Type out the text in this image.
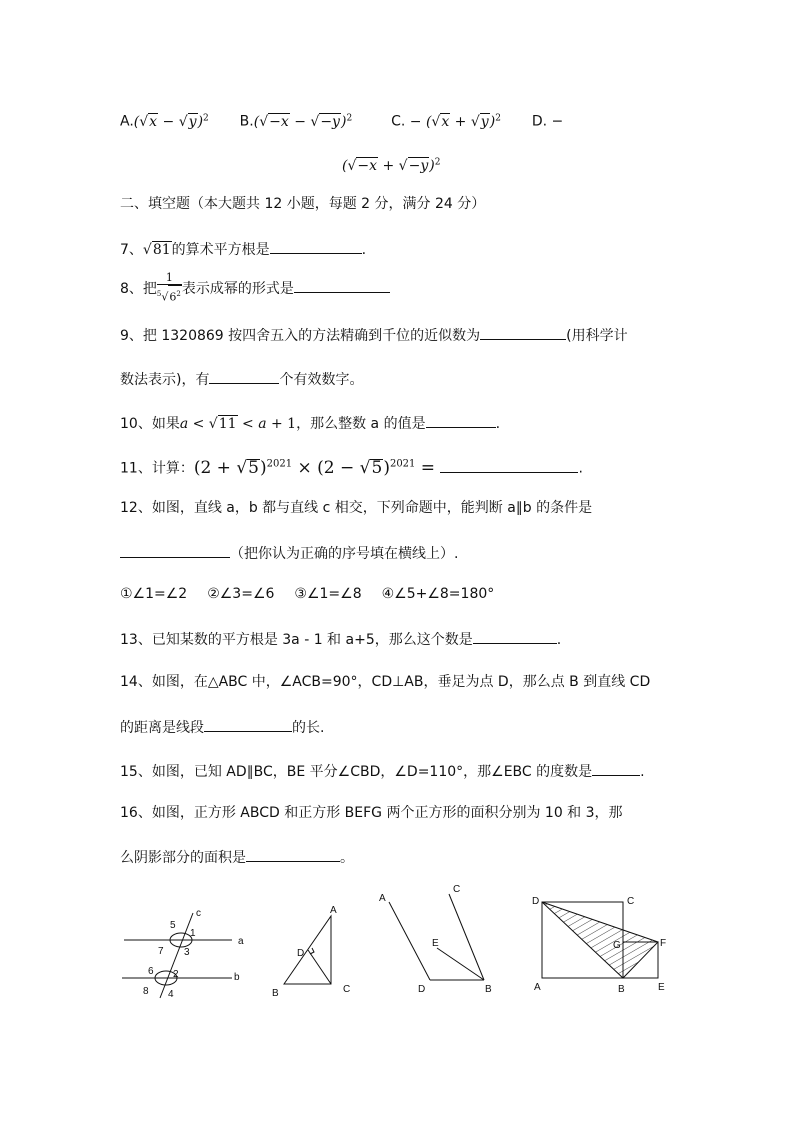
$A.(√x - √y)^2$ $B.(√-x - √-y)^2$	C. − $(√x + √y)^2$ D. −
$(√-x + √-y)^2$
二、填空题（本大题共 12 小题，每题 2 分，满分 24 分）
7、√81的算术平方根是	.
8、把 $\frac{1}{^5√6^2}$ 表示成幂的形式是
9、把 1320869 按四舍五入的方法精确到千位的近似数为	(用科学计
数法表示)，有	个有效数字。
10、如果a < √11 < a + 1，那么整数 a 的值是	.
11、计算：$(2 + √5)^{2021} \times (2 - √5)^{2021}$ =	.
12、如图，直线 a，b 都与直线 c 相交，下列命题中，能判断 a∥b 的条件是
（把你认为正确的序号填在横线上）.
①∠1=∠2 ②∠3=∠6 ③∠1=∠8 ④∠5+∠8=180°
13、已知某数的平方根是 3a - 1 和 a+5，那么这个数是	.
14、如图，在△ABC 中，∠ACB=90°，CD⊥AB，垂足为点 D，那么点 B 到直线 CD
的距离是线段	的长.
15、如图，已知 AD∥BC，BE 平分∠CBD，∠D=110°，那∠EBC 的度数是	.
16、如图，正方形 ABCD 和正方形 BEFG 两个正方形的面积分别为 10 和 3，那
么阴影部分的面积是	。
5
1
c
a
7 3
6 2	b
8 4
A
D
B	C
A
C
E
D	B
D	C
G	F
A	B	E
